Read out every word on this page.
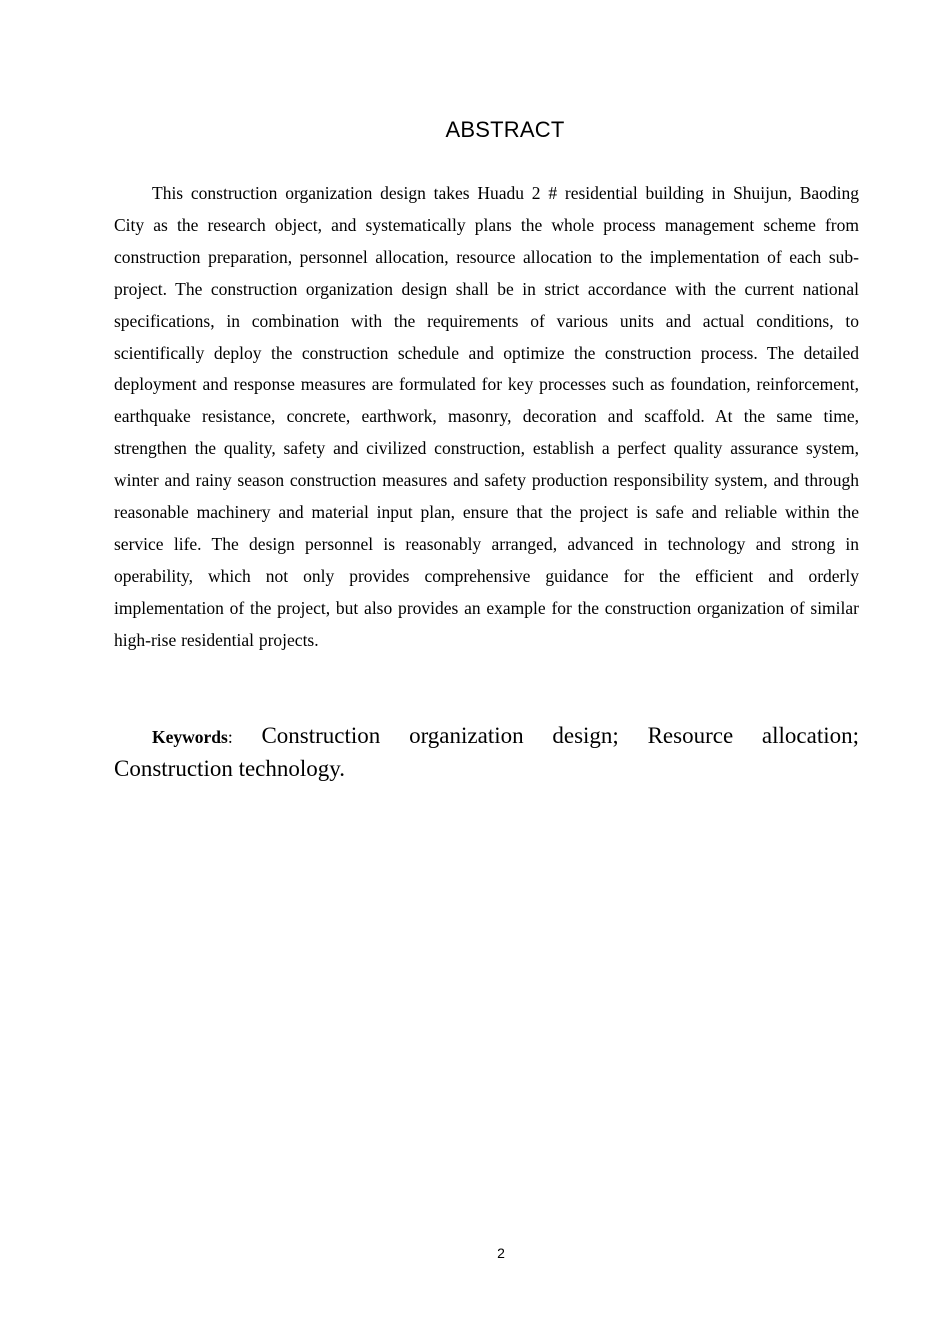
ABSTRACT

This construction organization design takes Huadu 2 # residential building in Shuijun, Baoding City as the research object, and systematically plans the whole process management scheme from construction preparation, personnel allocation, resource allocation to the implementation of each sub-project. The construction organization design shall be in strict accordance with the current national specifications, in combination with the requirements of various units and actual conditions, to scientifically deploy the construction schedule and optimize the construction process. The detailed deployment and response measures are formulated for key processes such as foundation, reinforcement, earthquake resistance, concrete, earthwork, masonry, decoration and scaffold. At the same time, strengthen the quality, safety and civilized construction, establish a perfect quality assurance system, winter and rainy season construction measures and safety production responsibility system, and through reasonable machinery and material input plan, ensure that the project is safe and reliable within the service life. The design personnel is reasonably arranged, advanced in technology and strong in operability, which not only provides comprehensive guidance for the efficient and orderly implementation of the project, but also provides an example for the construction organization of similar high-rise residential projects.

Keywords: Construction organization design; Resource allocation; Construction technology.

2
